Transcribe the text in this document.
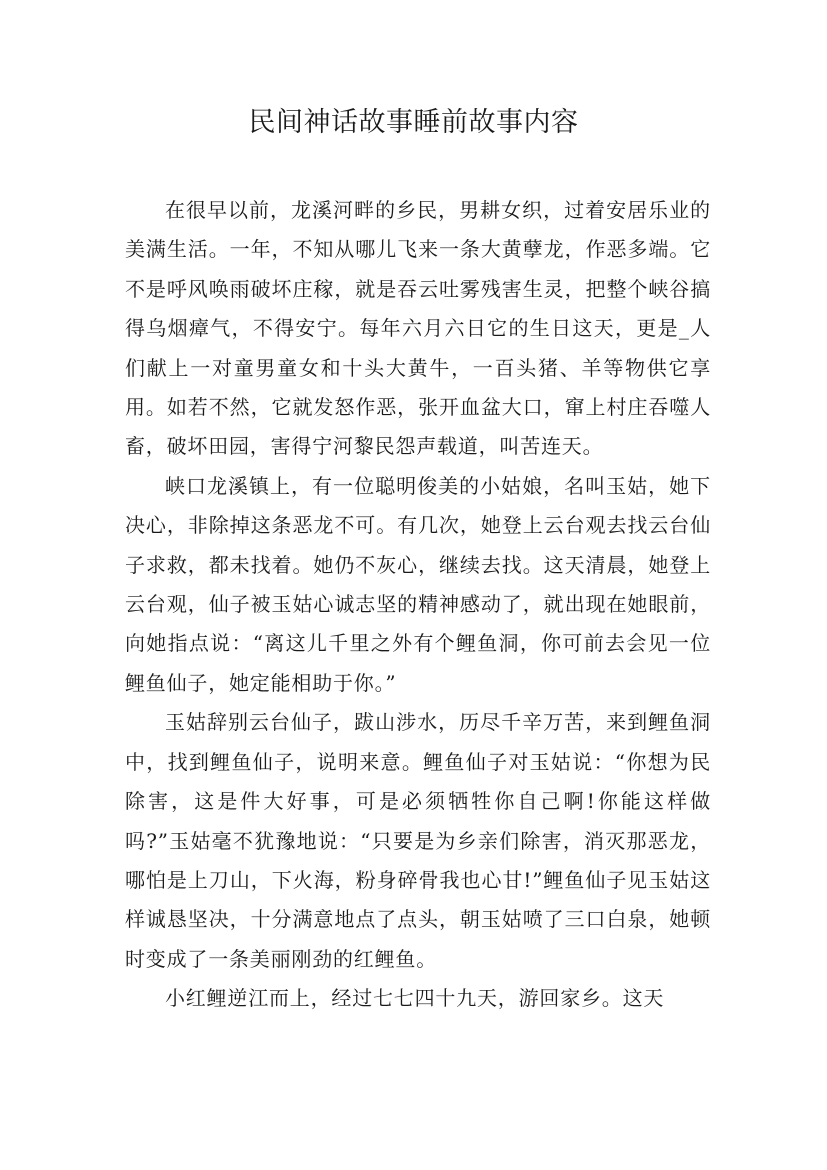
民间神话故事睡前故事内容

在很早以前，龙溪河畔的乡民，男耕女织，过着安居乐业的美满生活。一年，不知从哪儿飞来一条大黄孽龙，作恶多端。它不是呼风唤雨破坏庄稼，就是吞云吐雾残害生灵，把整个峡谷搞得乌烟瘴气，不得安宁。每年六月六日它的生日这天，更是_人们献上一对童男童女和十头大黄牛，一百头猪、羊等物供它享用。如若不然，它就发怒作恶，张开血盆大口，窜上村庄吞噬人畜，破坏田园，害得宁河黎民怨声载道，叫苦连天。

峡口龙溪镇上，有一位聪明俊美的小姑娘，名叫玉姑，她下决心，非除掉这条恶龙不可。有几次，她登上云台观去找云台仙子求救，都未找着。她仍不灰心，继续去找。这天清晨，她登上云台观，仙子被玉姑心诚志坚的精神感动了，就出现在她眼前，向她指点说：“离这儿千里之外有个鲤鱼洞，你可前去会见一位鲤鱼仙子，她定能相助于你。”

玉姑辞别云台仙子，跋山涉水，历尽千辛万苦，来到鲤鱼洞中，找到鲤鱼仙子，说明来意。鲤鱼仙子对玉姑说：“你想为民除害，这是件大好事，可是必须牺牲你自己啊!你能这样做吗?”玉姑毫不犹豫地说：“只要是为乡亲们除害，消灭那恶龙，哪怕是上刀山，下火海，粉身碎骨我也心甘!”鲤鱼仙子见玉姑这样诚恳坚决，十分满意地点了点头，朝玉姑喷了三口白泉，她顿时变成了一条美丽刚劲的红鲤鱼。

小红鲤逆江而上，经过七七四十九天，游回家乡。这天
